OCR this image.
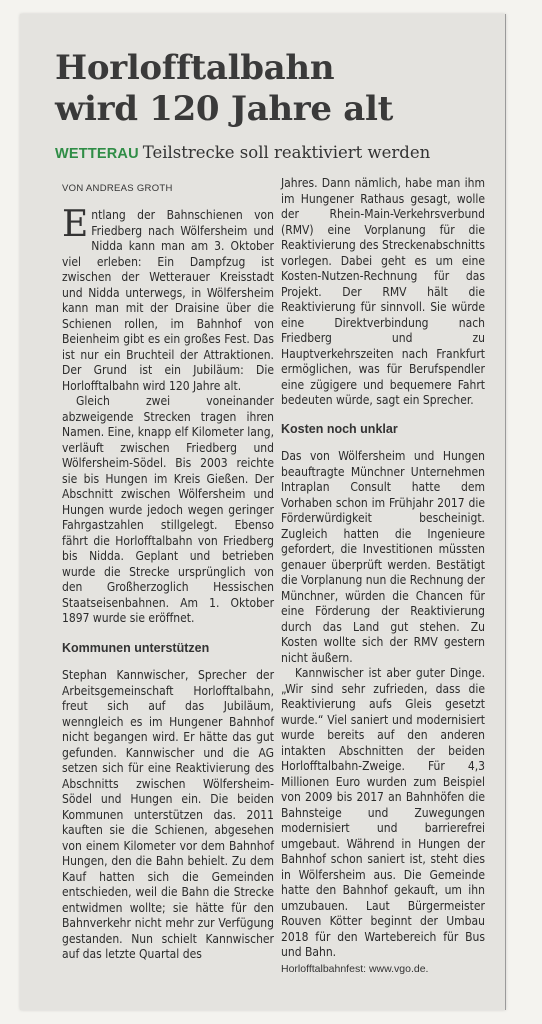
Horlofftalbahn
wird 120 Jahre alt
WETTERAU Teilstrecke soll reaktiviert werden
VON ANDREAS GROTH

Entlang der Bahnschienen von Friedberg nach Wölfersheim und Nidda kann man am 3. Oktober viel erleben: Ein Dampfzug ist zwischen der Wetterauer Kreisstadt und Nidda unterwegs, in Wölfersheim kann man mit der Draisine über die Schienen rollen, im Bahnhof von Beienheim gibt es ein großes Fest. Das ist nur ein Bruchteil der Attraktionen. Der Grund ist ein Jubiläum: Die Horlofftalbahn wird 120 Jahre alt.

Gleich zwei voneinander abzweigende Strecken tragen ihren Namen. Eine, knapp elf Kilometer lang, verläuft zwischen Friedberg und Wölfersheim-Södel. Bis 2003 reichte sie bis Hungen im Kreis Gießen. Der Abschnitt zwischen Wölfersheim und Hungen wurde jedoch wegen geringer Fahrgastzahlen stillgelegt. Ebenso fährt die Horlofftalbahn von Friedberg bis Nidda. Geplant und betrieben wurde die Strecke ursprünglich von den Großherzoglich Hessischen Staatseisenbahnen. Am 1. Oktober 1897 wurde sie eröffnet.

Kommunen unterstützen

Stephan Kannwischer, Sprecher der Arbeitsgemeinschaft Horlofftalbahn, freut sich auf das Jubiläum, wenngleich es im Hungener Bahnhof nicht begangen wird. Er hätte das gut gefunden. Kannwischer und die AG setzen sich für eine Reaktivierung des Abschnitts zwischen Wölfersheim-Södel und Hungen ein. Die beiden Kommunen unterstützen das. 2011 kauften sie die Schienen, abgesehen von einem Kilometer vor dem Bahnhof Hungen, den die Bahn behielt. Zu dem Kauf hatten sich die Gemeinden entschieden, weil die Bahn die Strecke entwidmen wollte; sie hätte für den Bahnverkehr nicht mehr zur Verfügung gestanden. Nun schielt Kannwischer auf das letzte Quartal des

Jahres. Dann nämlich, habe man ihm im Hungener Rathaus gesagt, wolle der Rhein-Main-Verkehrsverbund (RMV) eine Vorplanung für die Reaktivierung des Streckenabschnitts vorlegen. Dabei geht es um eine Kosten-Nutzen-Rechnung für das Projekt. Der RMV hält die Reaktivierung für sinnvoll. Sie würde eine Direktverbindung nach Friedberg und zu Hauptverkehrszeiten nach Frankfurt ermöglichen, was für Berufspendler eine zügigere und bequemere Fahrt bedeuten würde, sagt ein Sprecher.

Kosten noch unklar

Das von Wölfersheim und Hungen beauftragte Münchner Unternehmen Intraplan Consult hatte dem Vorhaben schon im Frühjahr 2017 die Förderwürdigkeit bescheinigt. Zugleich hatten die Ingenieure gefordert, die Investitionen müssten genauer überprüft werden. Bestätigt die Vorplanung nun die Rechnung der Münchner, würden die Chancen für eine Förderung der Reaktivierung durch das Land gut stehen. Zu Kosten wollte sich der RMV gestern nicht äußern.

Kannwischer ist aber guter Dinge. „Wir sind sehr zufrieden, dass die Reaktivierung aufs Gleis gesetzt wurde.“ Viel saniert und modernisiert wurde bereits auf den anderen intakten Abschnitten der beiden Horlofftalbahn-Zweige. Für 4,3 Millionen Euro wurden zum Beispiel von 2009 bis 2017 an Bahnhöfen die Bahnsteige und Zuwegungen modernisiert und barrierefrei umgebaut. Während in Hungen der Bahnhof schon saniert ist, steht dies in Wölfersheim aus. Die Gemeinde hatte den Bahnhof gekauft, um ihn umzubauen. Laut Bürgermeister Rouven Kötter beginnt der Umbau 2018 für den Wartebereich für Bus und Bahn.

Horlofftalbahnfest: www.vgo.de.
